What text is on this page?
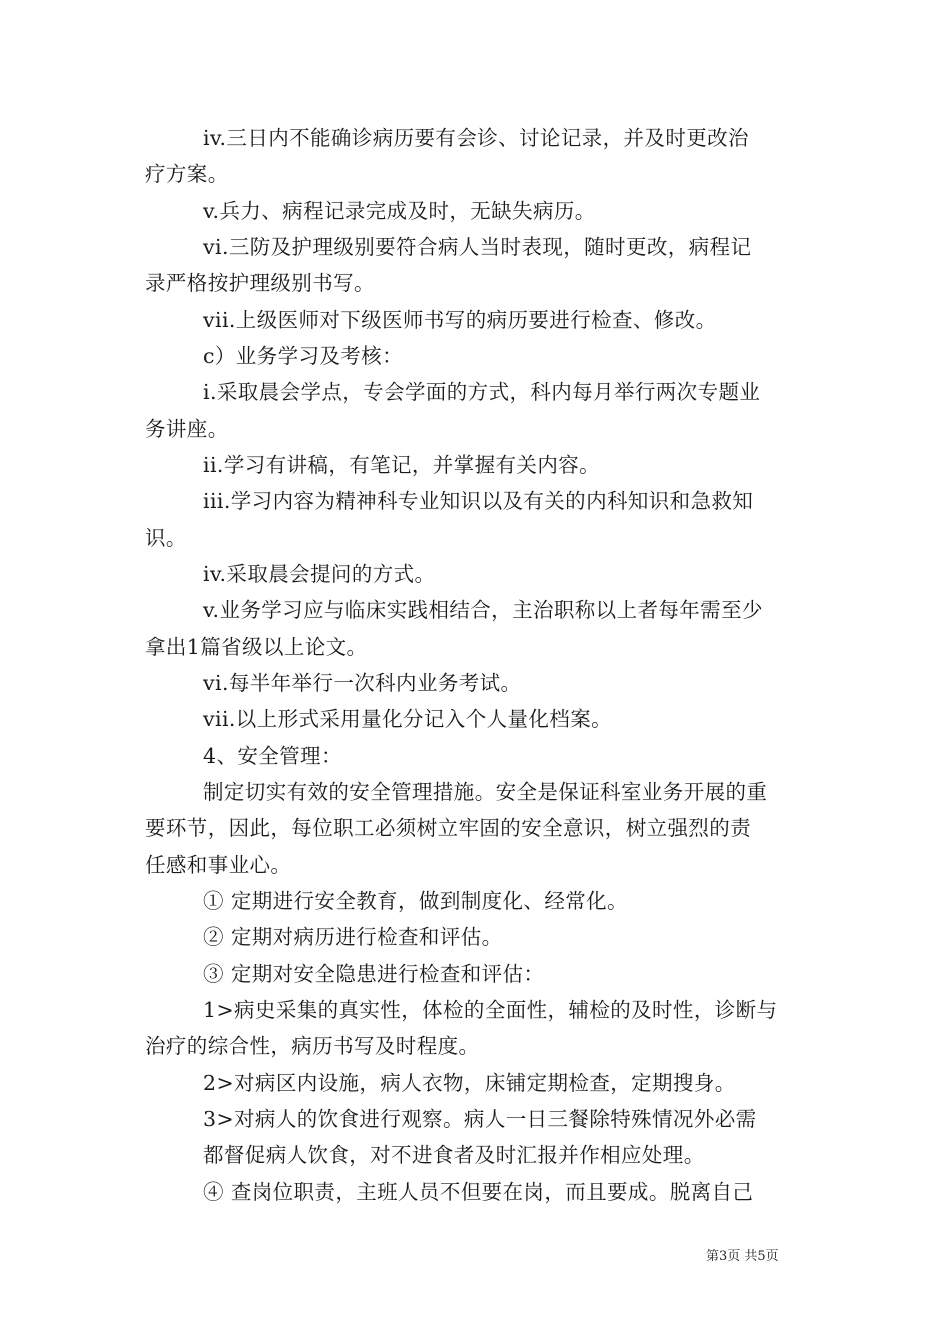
iv.三日内不能确诊病历要有会诊、讨论记录，并及时更改治
疗方案。
v.兵力、病程记录完成及时，无缺失病历。
vi.三防及护理级别要符合病人当时表现，随时更改，病程记
录严格按护理级别书写。
vii.上级医师对下级医师书写的病历要进行检查、修改。
c）业务学习及考核：
i.采取晨会学点，专会学面的方式，科内每月举行两次专题业
务讲座。
ii.学习有讲稿，有笔记，并掌握有关内容。
iii.学习内容为精神科专业知识以及有关的内科知识和急救知
识。
iv.采取晨会提问的方式。
v.业务学习应与临床实践相结合，主治职称以上者每年需至少
拿出1篇省级以上论文。
vi.每半年举行一次科内业务考试。
vii.以上形式采用量化分记入个人量化档案。
4、安全管理：
制定切实有效的安全管理措施。安全是保证科室业务开展的重
要环节，因此，每位职工必须树立牢固的安全意识，树立强烈的责
任感和事业心。
① 定期进行安全教育，做到制度化、经常化。
② 定期对病历进行检查和评估。
③ 定期对安全隐患进行检查和评估：
1>病史采集的真实性，体检的全面性，辅检的及时性，诊断与
治疗的综合性，病历书写及时程度。
2>对病区内设施，病人衣物，床铺定期检查，定期搜身。
3>对病人的饮食进行观察。病人一日三餐除特殊情况外必需
都督促病人饮食，对不进食者及时汇报并作相应处理。
④ 查岗位职责，主班人员不但要在岗，而且要成。脱离自己
第3页 共5页
